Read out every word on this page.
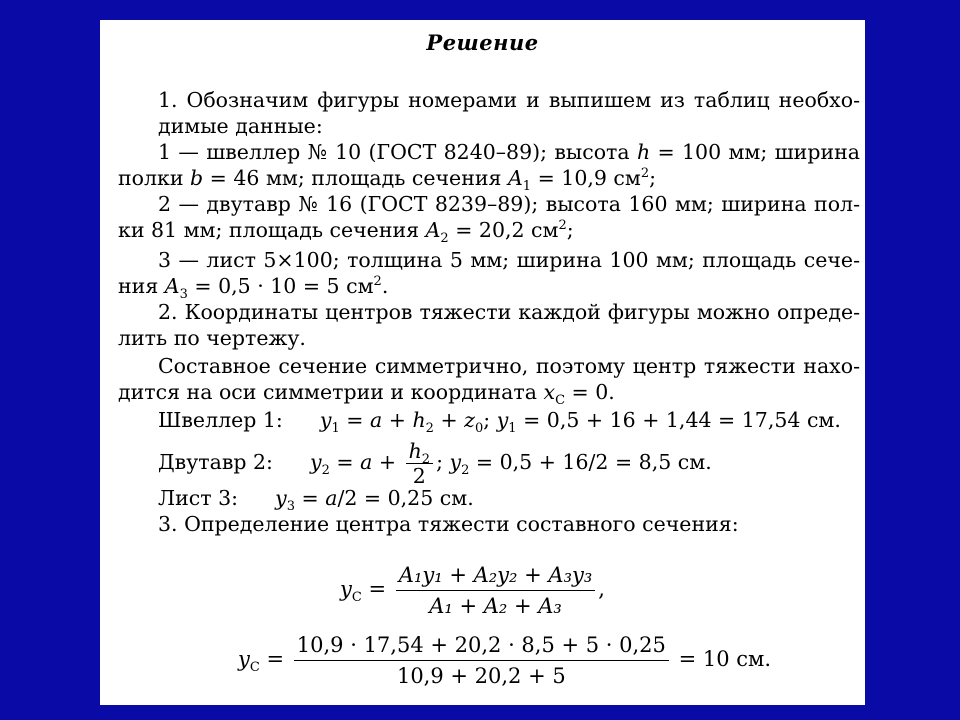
Решение
1. Обозначим фигуры номерами и выпишем из таблиц необхо-
димые данные:
1 — швеллер № 10 (ГОСТ 8240–89); высота h = 100 мм; ширина
полки b = 46 мм; площадь сечения $A_1 = 10,9$ $см^2$;
2 — двутавр № 16 (ГОСТ 8239–89); высота 160 мм; ширина пол-
ки 81 мм; площадь сечения $A_2 = 20,2$ $см^2$;
3 — лист 5×100; толщина 5 мм; ширина 100 мм; площадь сече-
ния $A_3 = 0,5 \cdot 10 = 5$ $см^2$.
2. Координаты центров тяжести каждой фигуры можно опреде-
лить по чертежу.
Составное сечение симметрично, поэтому центр тяжести нахо-
дится на оси симметрии и координата $x_C = 0$.
Швеллер 1: $y_1 = a + h_2 + z_0$; $y_1 = 0,5 + 16 + 1,44 = 17,54$ см.
Двутавр 2: $y_2 = a + \frac{h_2}{2}$ ; $y_2 = 0,5 + 16/2 = 8,5$ см.
Лист 3: $y_3 = a/2 = 0,25$ см.
3. Определение центра тяжести составного сечения:
$y_C = \frac{\text{A₁y₁ + A₂y₂ + A₃y₃}}{\text{A₁ + A₂ + A₃}}$ ,
$y_C = \frac{10,9 \cdot 17,54 + 20,2 \cdot 8,5 + 5 \cdot 0,25}{10,9 + 20,2 + 5} = 10$ см.
